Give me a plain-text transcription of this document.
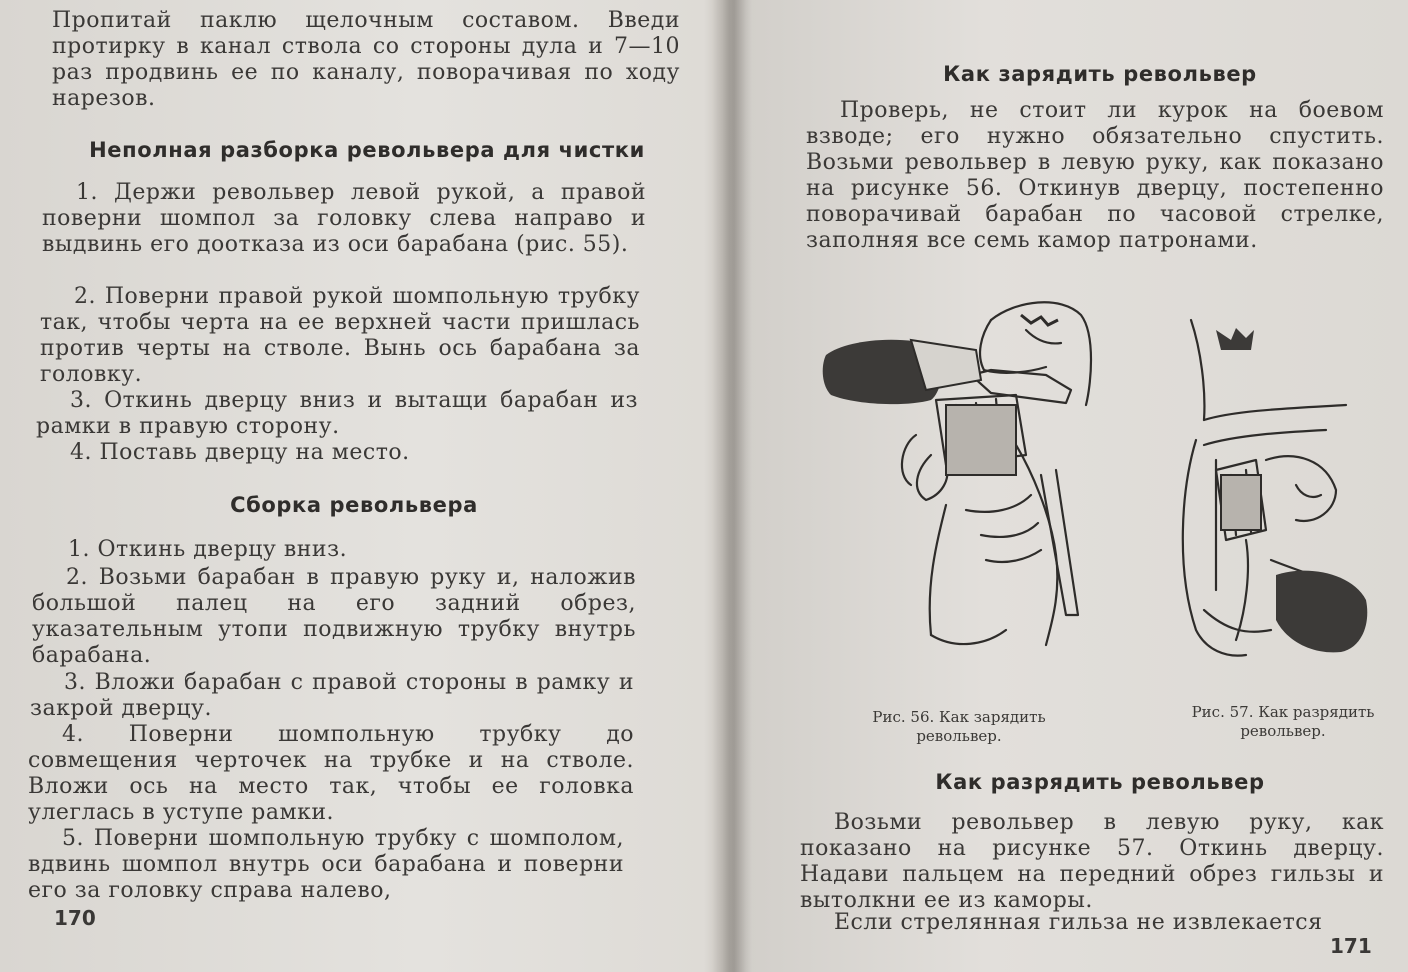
Пропитай паклю щелочным составом. Введи протирку в канал ствола со стороны дула и 7—10 раз продвинь ее по каналу, поворачивая по ходу нарезов.

Неполная разборка револьвера для чистки

1. Держи револьвер левой рукой, а правой поверни шомпол за головку слева направо и выдвинь его доотказа из оси барабана (рис. 55).

2. Поверни правой рукой шомпольную трубку так, чтобы черта на ее верхней части пришлась против черты на стволе. Вынь ось барабана за головку.

3. Откинь дверцу вниз и вытащи барабан из рамки в правую сторону.

4. Поставь дверцу на место.

Сборка револьвера

1. Откинь дверцу вниз.

2. Возьми барабан в правую руку и, наложив большой палец на его задний обрез, указательным утопи подвижную трубку внутрь барабана.

3. Вложи барабан с правой стороны в рамку и закрой дверцу.

4. Поверни шомпольную трубку до совмещения черточек на трубке и на стволе. Вложи ось на место так, чтобы ее головка улеглась в уступе рамки.

5. Поверни шомпольную трубку с шомполом, вдвинь шомпол внутрь оси барабана и поверни его за головку справа налево,

170
Как зарядить револьвер

Проверь, не стоит ли курок на боевом взводе; его нужно обязательно спустить. Возьми револьвер в левую руку, как показано на рисунке 56. Откинув дверцу, постепенно поворачивай барабан по часовой стрелке, заполняя все семь камор патронами.

Рис. 56. Как зарядить револьвер.
Рис. 57. Как разрядить револьвер.
Как разрядить револьвер

Возьми револьвер в левую руку, как показано на рисунке 57. Откинь дверцу. Надави пальцем на передний обрез гильзы и вытолкни ее из каморы.

Если стрелянная гильза не извлекается

171
